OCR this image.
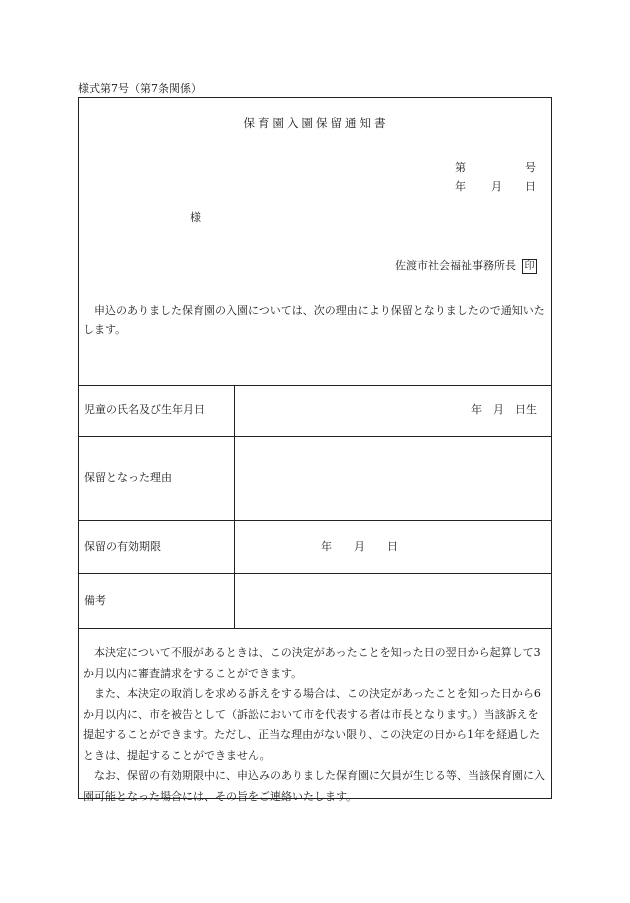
様式第7号（第7条関係）
保育園入園保留通知書
第	号
年 月 日
様
佐渡市社会福祉事務所長 印
申込のありました保育園の入園については、次の理由により保留となりましたので通知いたします。
児童の氏名及び生年月日	年　月　日生
保留となった理由
保留の有効期限	年　　月　　日
備考

本決定について不服があるときは、この決定があったことを知った日の翌日から起算して3か月以内に審査請求をすることができます。

また、本決定の取消しを求める訴えをする場合は、この決定があったことを知った日から6か月以内に、市を被告として（訴訟において市を代表する者は市長となります。）当該訴えを提起することができます。ただし、正当な理由がない限り、この決定の日から1年を経過したときは、提起することができません。

なお、保留の有効期限中に、申込みのありました保育園に欠員が生じる等、当該保育園に入園可能となった場合には、その旨をご連絡いたします。
